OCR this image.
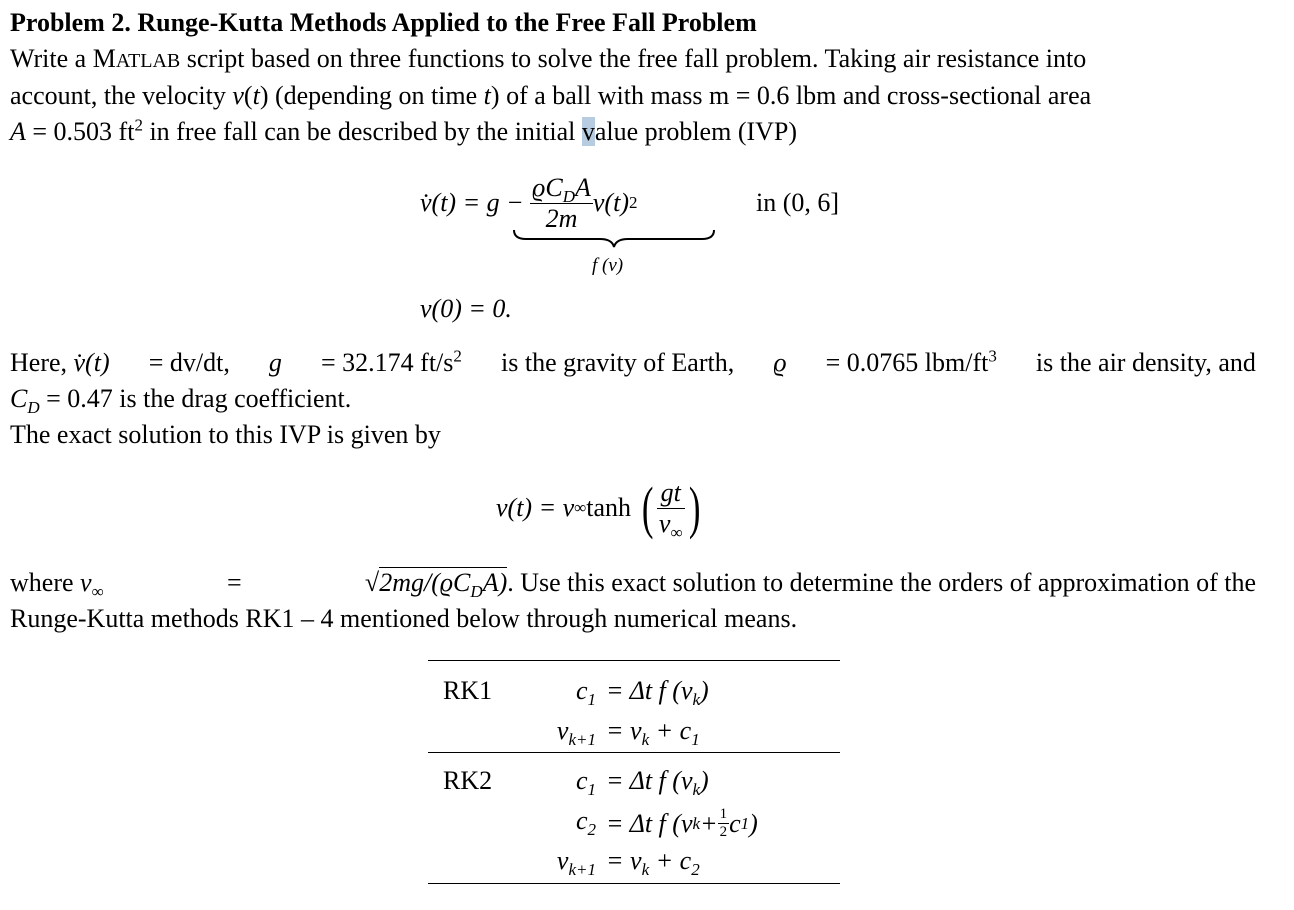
Problem 2. Runge-Kutta Methods Applied to the Free Fall Problem
Write a MATLAB script based on three functions to solve the free fall problem. Taking air resistance into
account, the velocity v(t) (depending on time t) of a ball with mass m = 0.6 lbm and cross-sectional area
A = 0.503 $ft^2$ in free fall can be described by the initial value problem (IVP)
v̇(t) = g −
$\frac{ϱC_DA}{2m} v(t)$ 2	in (0, 6]
f (v)
v(0) = 0.
Here, v̇(t) = dv/dt, g = 32.174 $ft/s^2$ is the gravity of Earth, ϱ = 0.0765 lbm/$ft^3$ is the air density, and
$C_D = 0.47$ is the drag coefficient.
The exact solution to this IVP is given by
v(t) = v ∞ tanh
( $\frac{gt}{v_\infty}$ )
where $v_\infty$	=	$√2mg/(ϱC_DA)$. Use this exact solution to determine the orders of approximation of the
Runge-Kutta methods RK1 – 4 mentioned below through numerical means.
RK1	$c_1 = \Delta t$ f $(v_k)$
$v_{k+1} = v_k + c_1$
RK2	$c_1 = \Delta t$ f $(v_k)$
$c_2 = \Delta t$ f (v $k + \frac{1}{2}$ c 1 )
$v_{k+1} = v_k + c_2$
